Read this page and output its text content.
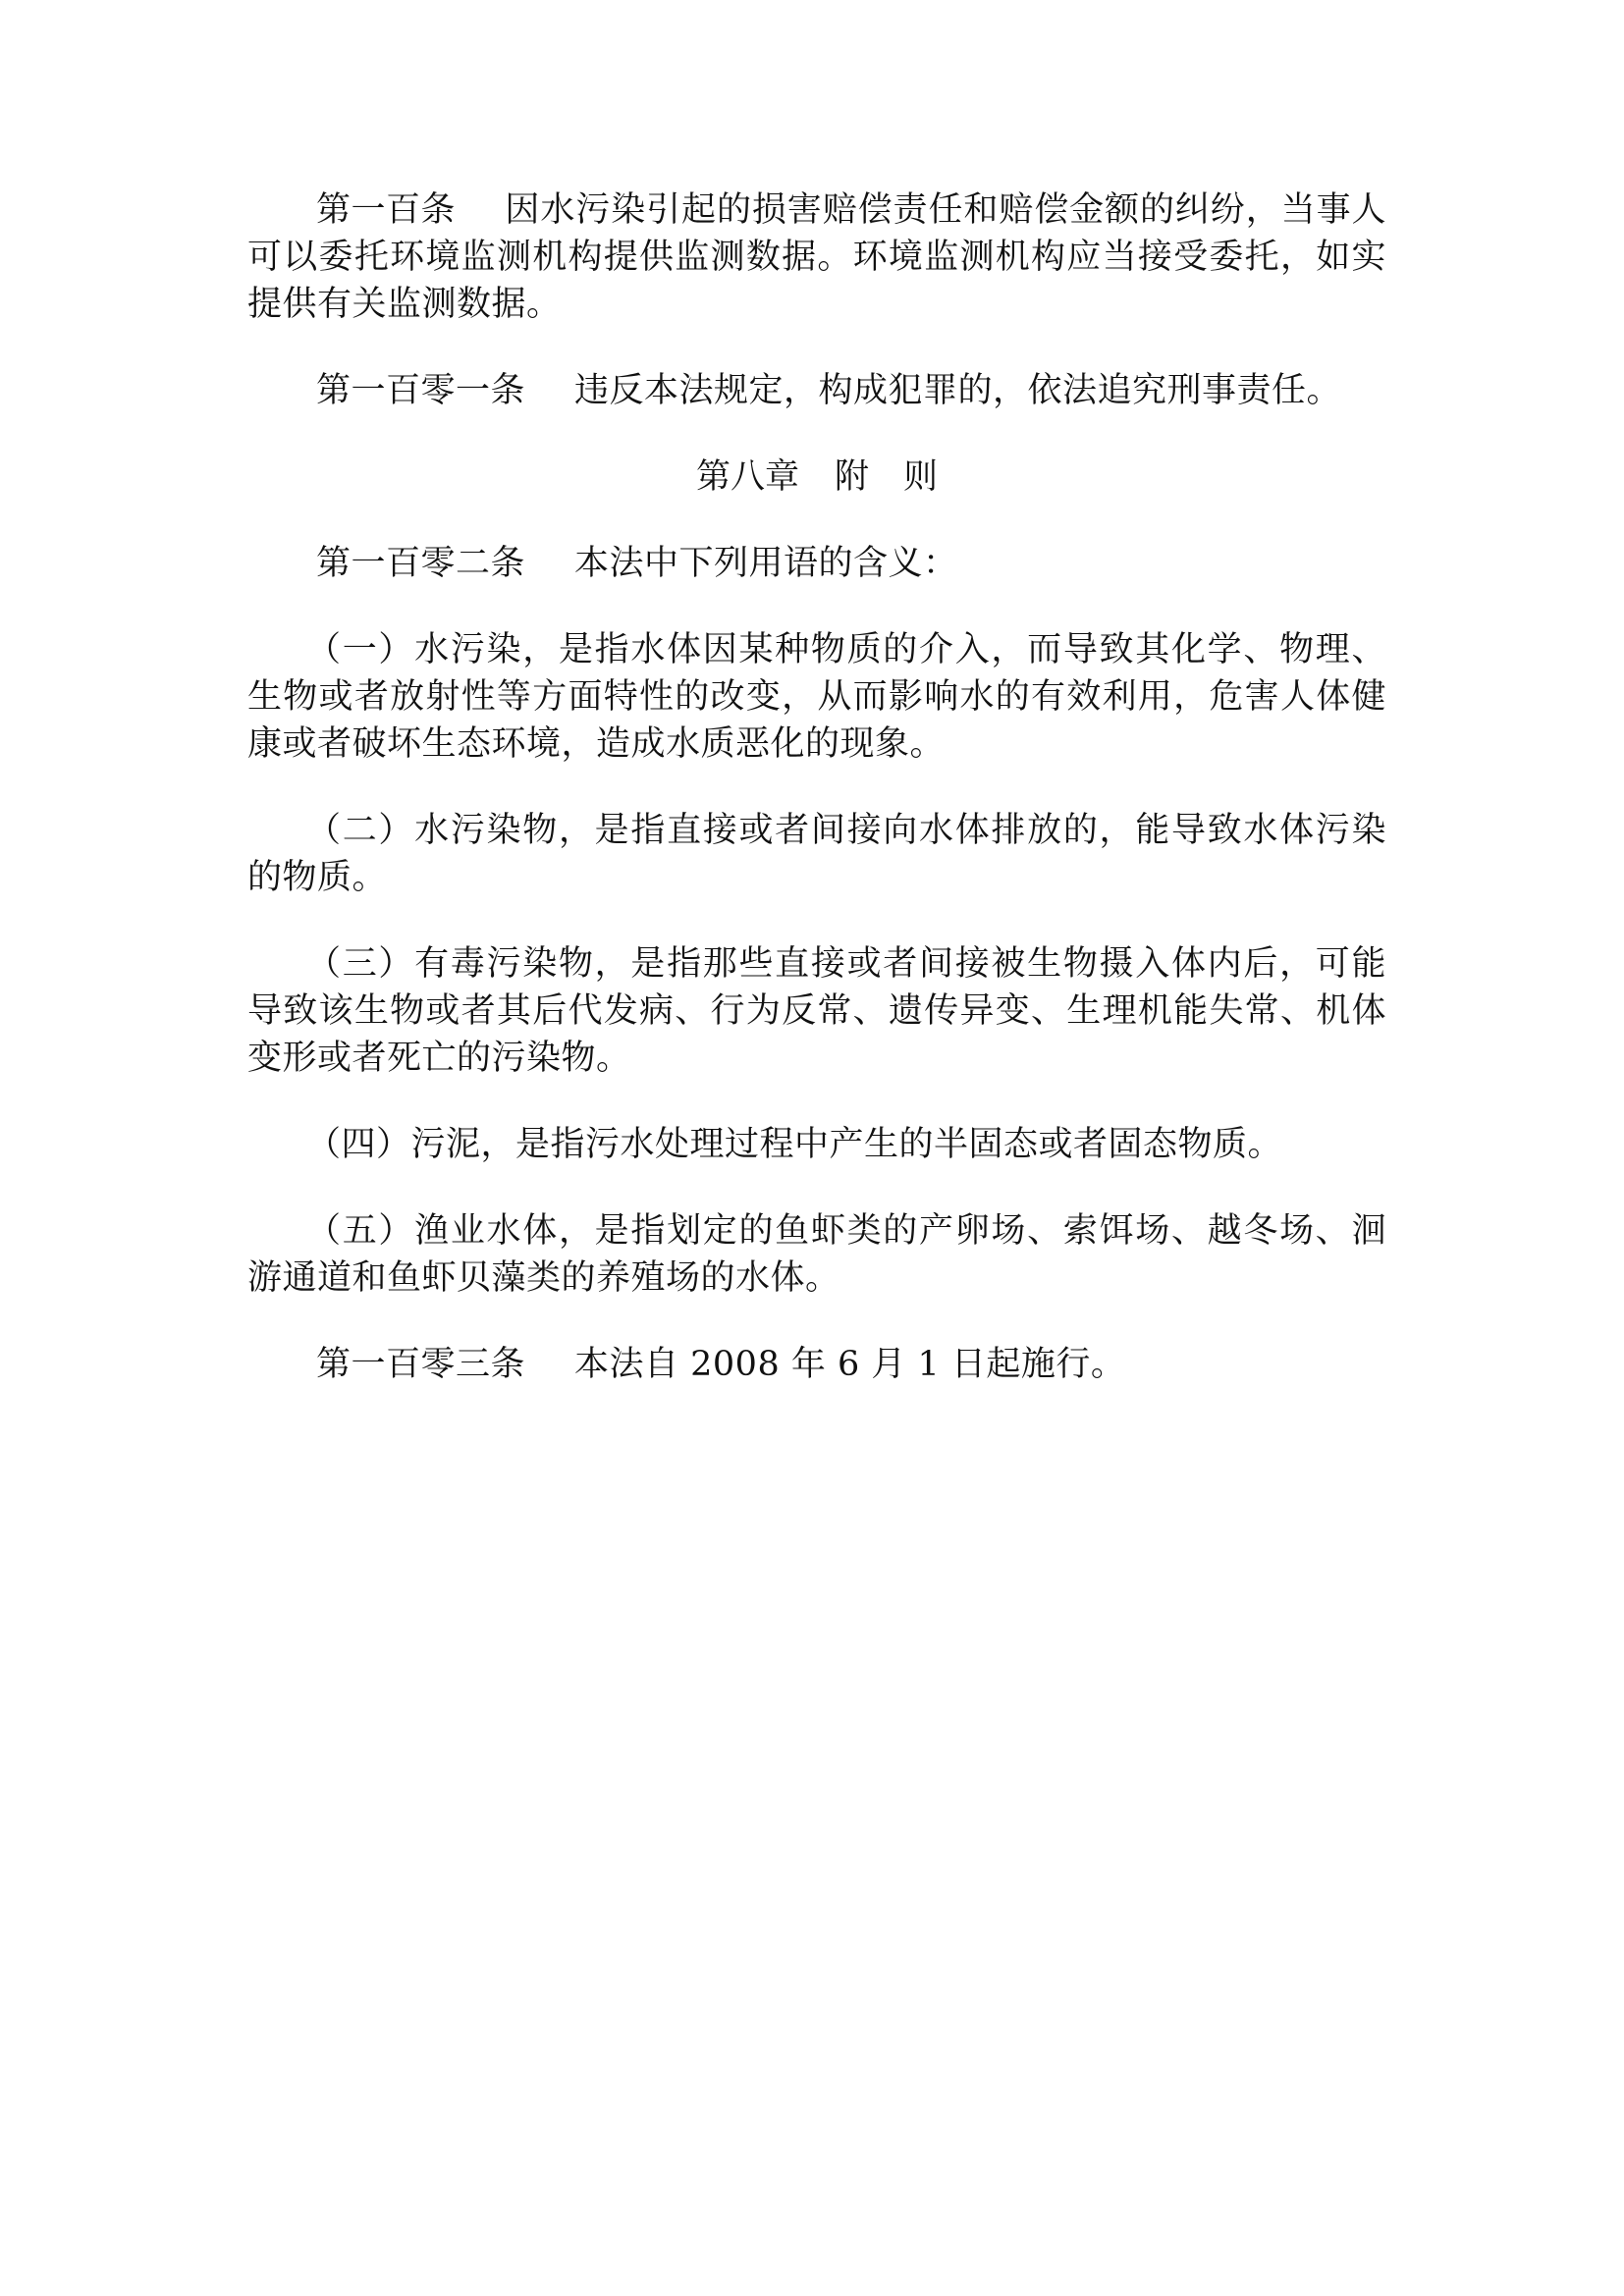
第一百条 因水污染引起的损害赔偿责任和赔偿金额的纠纷，当事人可以委托环境监测机构提供监测数据。环境监测机构应当接受委托，如实提供有关监测数据。

第一百零一条 违反本法规定，构成犯罪的，依法追究刑事责任。

第八章 附　则

第一百零二条 本法中下列用语的含义：

（一）水污染，是指水体因某种物质的介入，而导致其化学、物理、生物或者放射性等方面特性的改变，从而影响水的有效利用，危害人体健康或者破坏生态环境，造成水质恶化的现象。

（二）水污染物，是指直接或者间接向水体排放的，能导致水体污染的物质。

（三）有毒污染物，是指那些直接或者间接被生物摄入体内后，可能导致该生物或者其后代发病、行为反常、遗传异变、生理机能失常、机体变形或者死亡的污染物。

（四）污泥，是指污水处理过程中产生的半固态或者固态物质。

（五）渔业水体，是指划定的鱼虾类的产卵场、索饵场、越冬场、洄游通道和鱼虾贝藻类的养殖场的水体。

第一百零三条 本法自 2008 年 6 月 1 日起施行。
